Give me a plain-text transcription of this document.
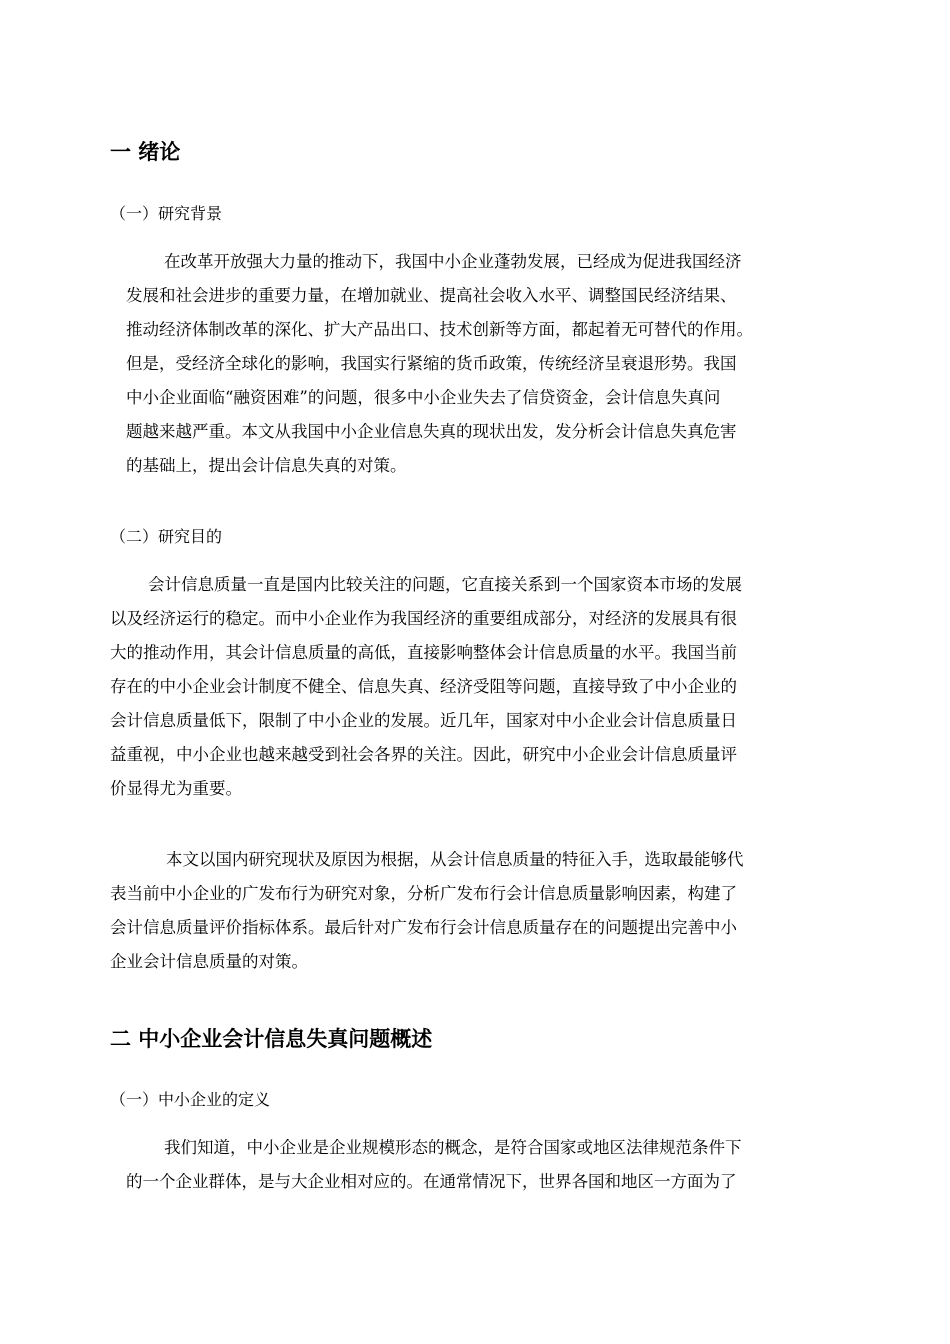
一 绪论
（一）研究背景
在改革开放强大力量的推动下，我国中小企业蓬勃发展，已经成为促进我国经济
发展和社会进步的重要力量，在增加就业、提高社会收入水平、调整国民经济结果、
推动经济体制改革的深化、扩大产品出口、技术创新等方面，都起着无可替代的作用。
但是，受经济全球化的影响，我国实行紧缩的货币政策，传统经济呈衰退形势。我国
中小企业面临“融资困难”的问题，很多中小企业失去了信贷资金，会计信息失真问
题越来越严重。本文从我国中小企业信息失真的现状出发，发分析会计信息失真危害
的基础上，提出会计信息失真的对策。
（二）研究目的
会计信息质量一直是国内比较关注的问题，它直接关系到一个国家资本市场的发展
以及经济运行的稳定。而中小企业作为我国经济的重要组成部分，对经济的发展具有很
大的推动作用，其会计信息质量的高低，直接影响整体会计信息质量的水平。我国当前
存在的中小企业会计制度不健全、信息失真、经济受阻等问题，直接导致了中小企业的
会计信息质量低下，限制了中小企业的发展。近几年，国家对中小企业会计信息质量日
益重视，中小企业也越来越受到社会各界的关注。因此，研究中小企业会计信息质量评
价显得尤为重要。
本文以国内研究现状及原因为根据，从会计信息质量的特征入手，选取最能够代
表当前中小企业的广发布行为研究对象，分析广发布行会计信息质量影响因素，构建了
会计信息质量评价指标体系。最后针对广发布行会计信息质量存在的问题提出完善中小
企业会计信息质量的对策。
二 中小企业会计信息失真问题概述
（一）中小企业的定义
我们知道，中小企业是企业规模形态的概念，是符合国家或地区法律规范条件下
的一个企业群体，是与大企业相对应的。在通常情况下，世界各国和地区一方面为了
